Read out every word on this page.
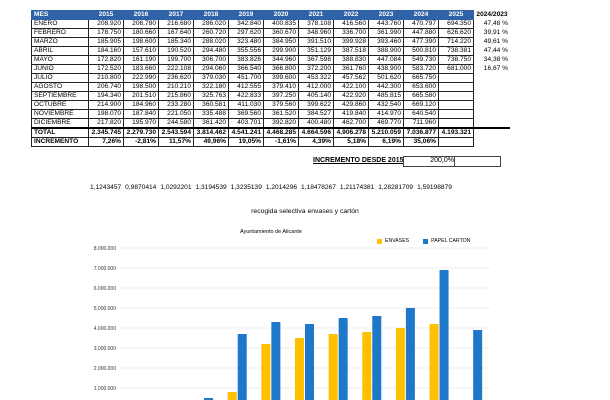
MES	2015	2016	2017	2018	2019	2020	2021	2022	2023	2024	2025	2024/2023
ENERO	208.920	206.780	216.680	286.020	342.840	400.835	378.108	416.560	443.760	470.797	694.350	47,48 %
FEBRERO	178.750	180.660	167.640	260.720	297.620	360.670	348.960	336.700	361.990	447.880	626.620	39,91 %
MARZO	185.905	198.600	185.340	288.020	323.480	384.950	391.510	399.928	393.460	477.390	714.220	49,61 %
ABRIL	184.160	157.610	190.520	294.480	355.556	299.900	351.129	387.518	388.900	500.810	738.381	47,44 %
MAYO	172.820	161.190	199.700	306.700	383.826	344.960	367.598	388.830	447.084	549.730	738.750	34,38 %
JUNIO	172.520	183.660	222.108	294.060	366.540	366.800	372.200	361.760	438.900	583.720	681.000	16,67 %
JULIO	210.800	222.990	236.620	379.030	451.700	399.600	453.322	457.562	501.620	665.750		
AGOSTO	206.740	198.500	210.210	322.180	412.555	379.410	412.000	422.100	442.300	653.600		
SEPTIEMBRE	194.340	201.510	215.860	325.763	422.833	397.250	405.140	422.920	485.815	665.580		
OCTUBRE	214.900	184.960	233.280	360.581	411.030	379.560	399.622	429.860	432.540	669.120		
NOVIEMBRE	198.070	187.840	221.050	335.488	369.560	361.520	384.527	419.840	414.970	640.540		
DICIEMBRE	217.820	195.970	244.580	361.420	403.701	392.820	400.480	462.700	469.770	711.960		
TOTAL	2.345.745	2.279.730	2.543.594	3.814.462	4.541.241	4.468.285	4.664.596	4.906.278	5.210.059	7.036.877	4.193.321	
INCREMENTO	7,26%	-2,81%	11,57%	49,96%	19,05%	-1,61%	4,39%	5,18%	6,19%	35,06%		
INCREMENTO DESDE 2015	200,0%
1,1243457 0,9870414 1,0292201 1,3194539 1,3235139 1,2014296 1,18478267 1,21174381 1,28281709 1,59198879
recogida selectiva envases y cartón
Ayuntamiento de Alicante
ENVASES	PAPEL CARTON
1.000.000
2.000.000
3.000.000
4.000.000
5.000.000
6.000.000
7.000.000
8.000.000
